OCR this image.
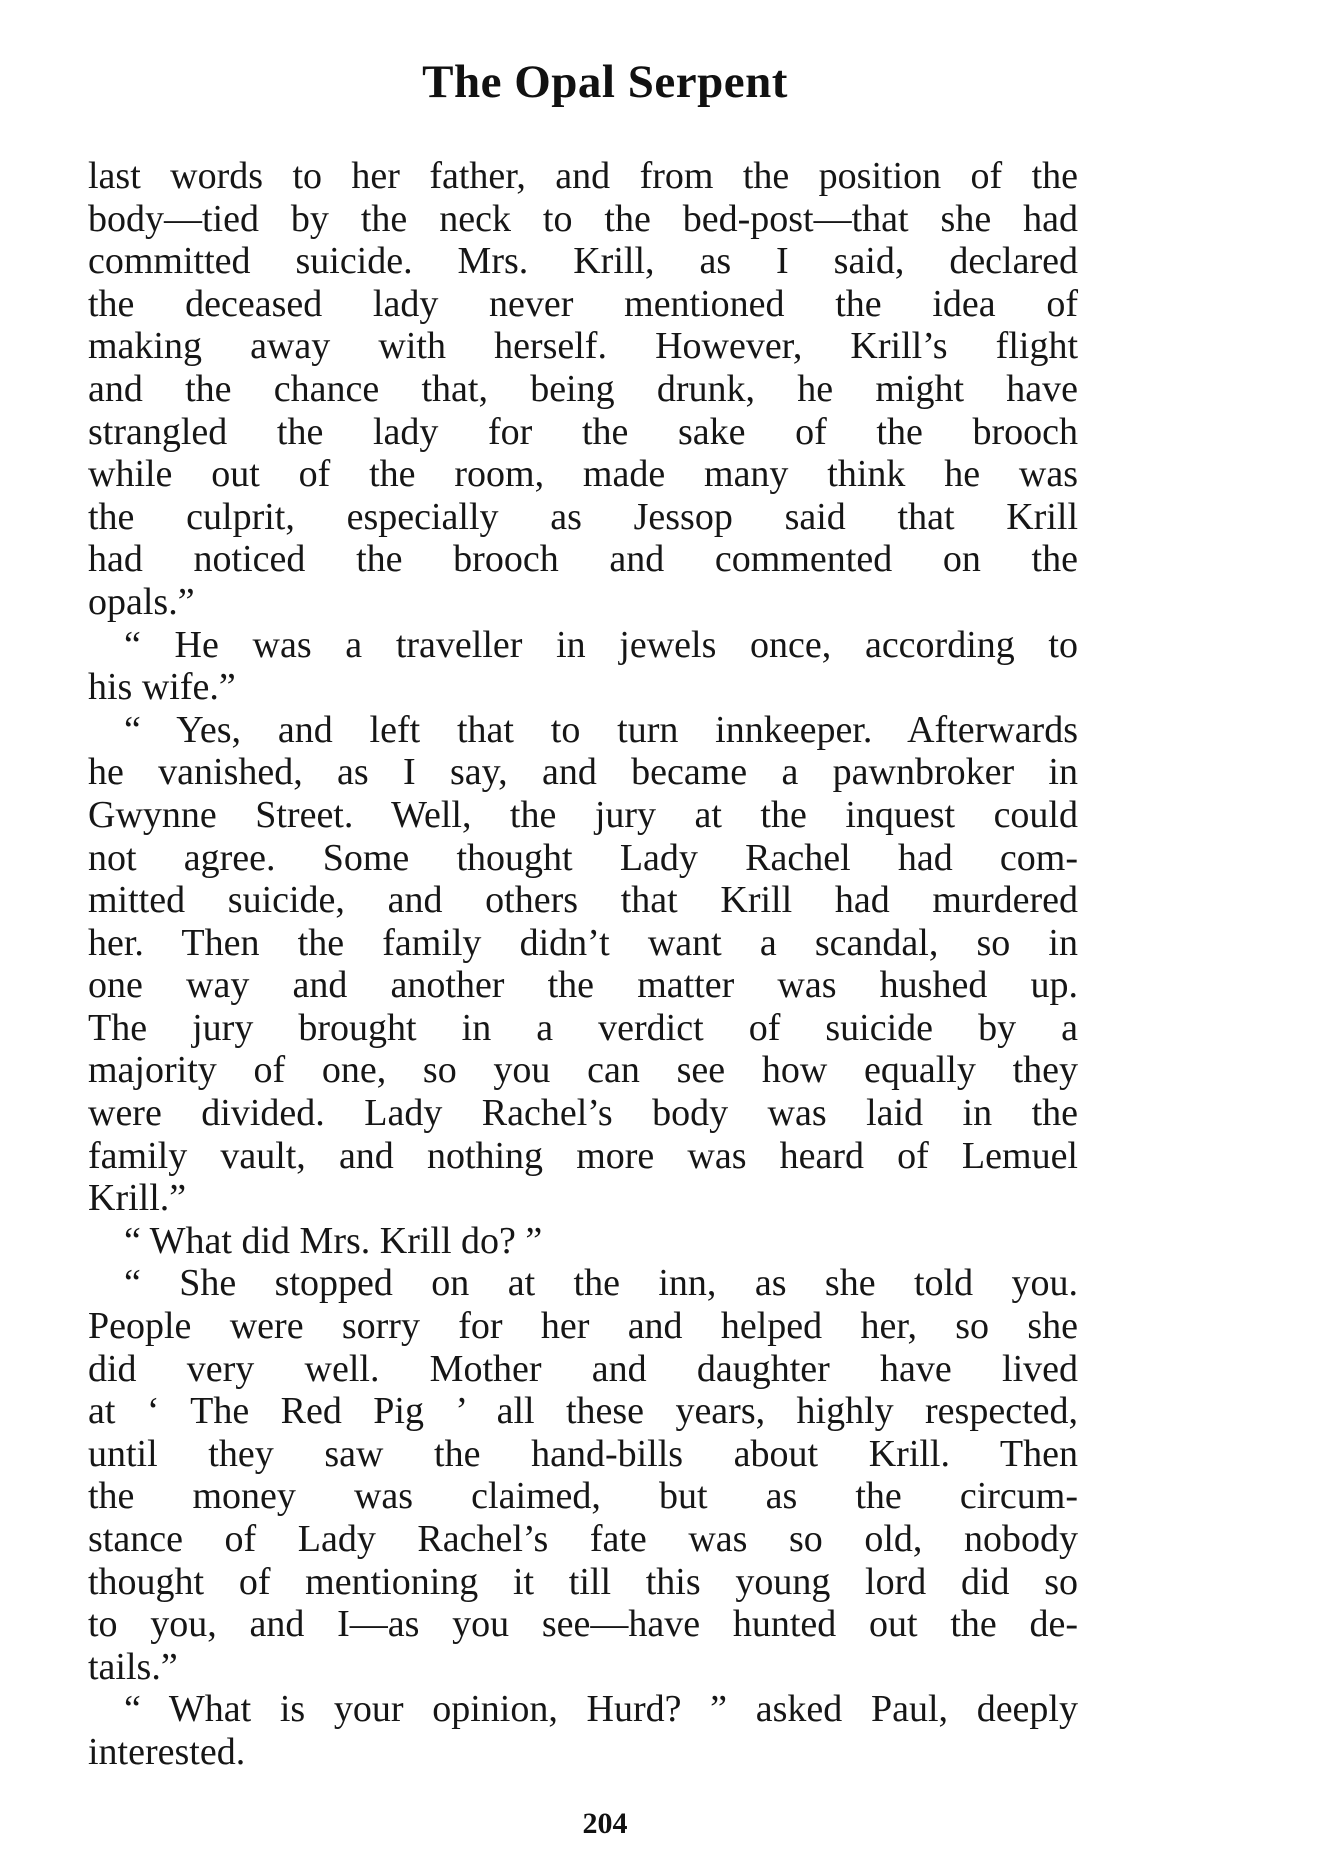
The Opal Serpent
last words to her father, and from the position of the
body—tied by the neck to the bed-post—that she had
committed suicide. Mrs. Krill, as I said, declared
the deceased lady never mentioned the idea of
making away with herself. However, Krill’s flight
and the chance that, being drunk, he might have
strangled the lady for the sake of the brooch
while out of the room, made many think he was
the culprit, especially as Jessop said that Krill
had noticed the brooch and commented on the
opals.”
“ He was a traveller in jewels once, according to
his wife.”
“ Yes, and left that to turn innkeeper. Afterwards
he vanished, as I say, and became a pawnbroker in
Gwynne Street. Well, the jury at the inquest could
not agree. Some thought Lady Rachel had com-
mitted suicide, and others that Krill had murdered
her. Then the family didn’t want a scandal, so in
one way and another the matter was hushed up.
The jury brought in a verdict of suicide by a
majority of one, so you can see how equally they
were divided. Lady Rachel’s body was laid in the
family vault, and nothing more was heard of Lemuel
Krill.”
“ What did Mrs. Krill do? ”
“ She stopped on at the inn, as she told you.
People were sorry for her and helped her, so she
did very well. Mother and daughter have lived
at ‘ The Red Pig ’ all these years, highly respected,
until they saw the hand-bills about Krill. Then
the money was claimed, but as the circum-
stance of Lady Rachel’s fate was so old, nobody
thought of mentioning it till this young lord did so
to you, and I—as you see—have hunted out the de-
tails.”
“ What is your opinion, Hurd? ” asked Paul, deeply
interested.
204
